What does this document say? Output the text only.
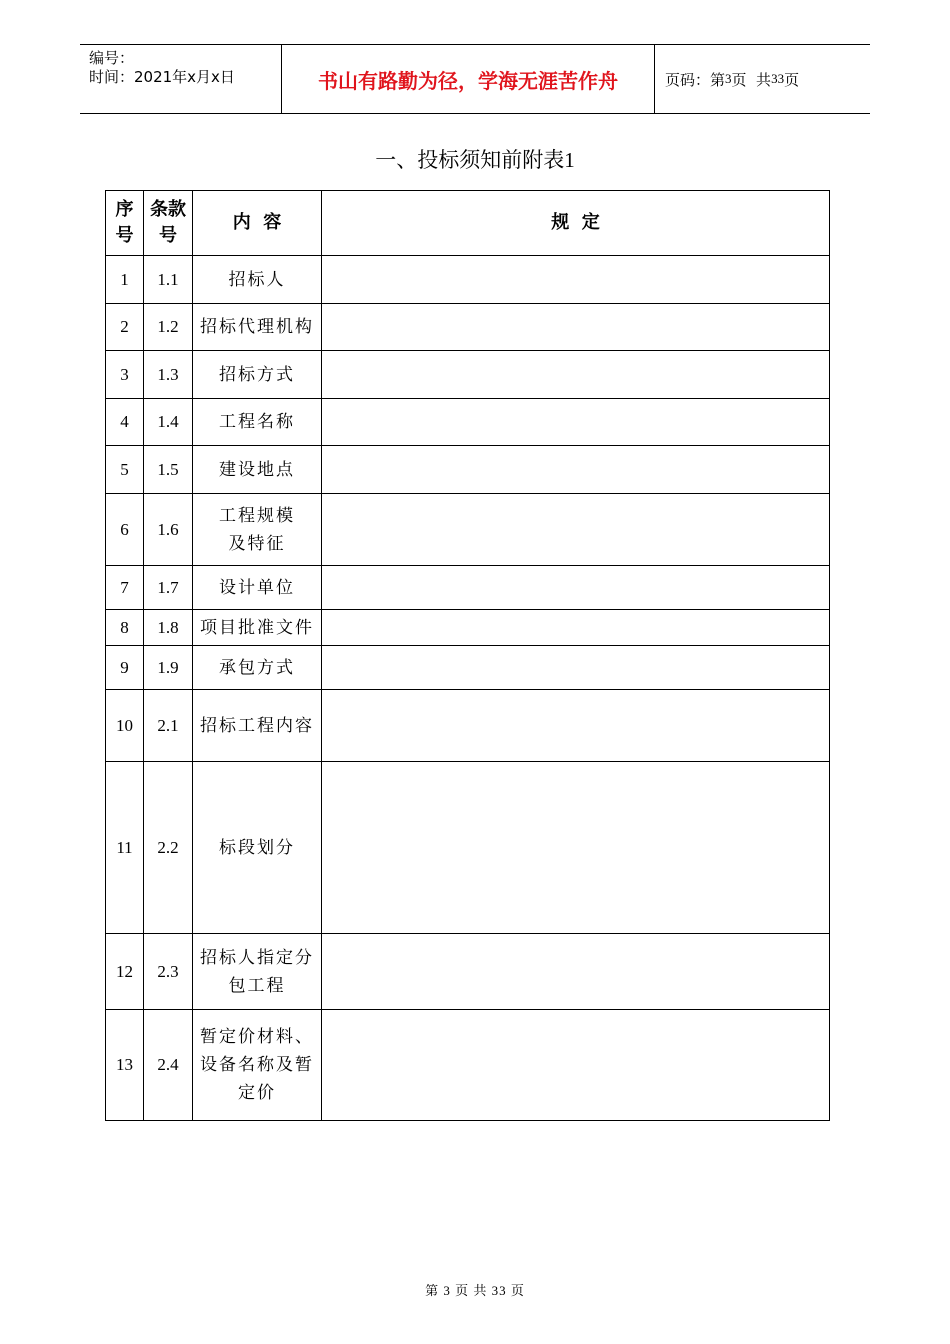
编号：
时间：2021年x月x日	书山有路勤为径，学海无涯苦作舟	页码：第 3 页  共 33 页
一、投标须知前附表1
序号	条款号	内  容	规  定
1	1.1	招标人	
2	1.2	招标代理机构	
3	1.3	招标方式	
4	1.4	工程名称	
5	1.5	建设地点	
6	1.6	工程规模及特征	

7	1.7	设计单位	
8	1.8	项目批准文件	
9	1.9	承包方式	
10	2.1	招标工程内容	
11	2.2	标段划分	
12	2.3	招标人指定分包工程	

13	2.4	暂定价材料、设备名称及暂定价	

第 3 页 共 33 页
